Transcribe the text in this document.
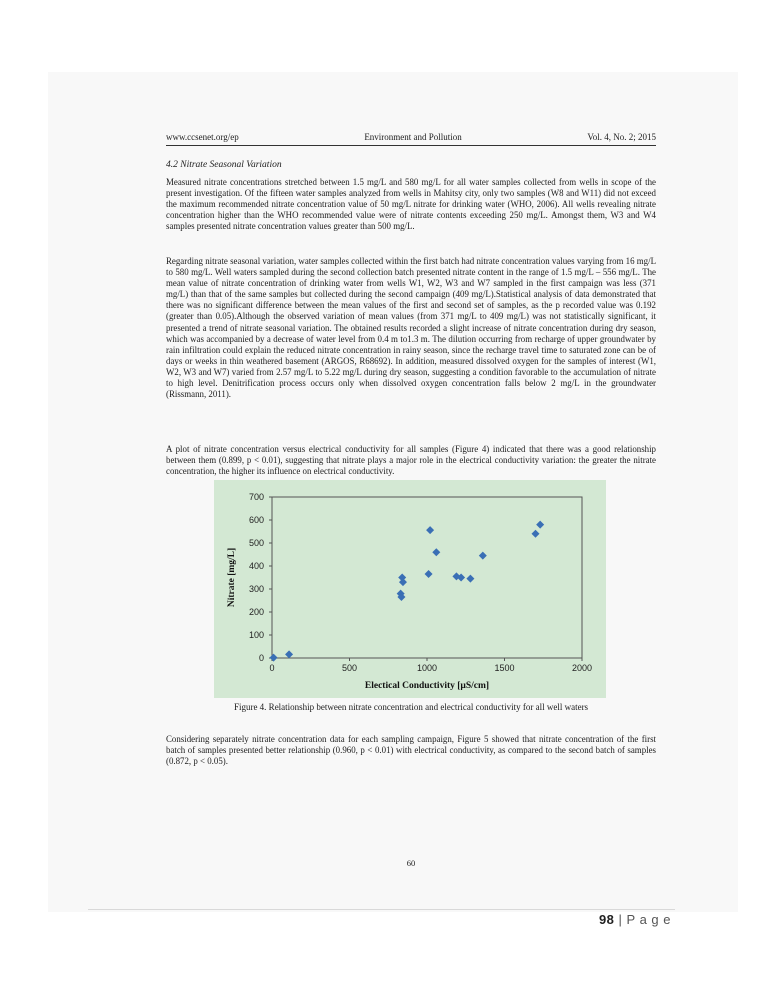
www.ccsenet.org/ep	Environment and Pollution	Vol. 4, No. 2; 2015
4.2 Nitrate Seasonal Variation

Measured nitrate concentrations stretched between 1.5 mg/L and 580 mg/L for all water samples collected from wells in scope of the present investigation. Of the fifteen water samples analyzed from wells in Mahitsy city, only two samples (W8 and W11) did not exceed the maximum recommended nitrate concentration value of 50 mg/L nitrate for drinking water (WHO, 2006). All wells revealing nitrate concentration higher than the WHO recommended value were of nitrate contents exceeding 250 mg/L. Amongst them, W3 and W4 samples presented nitrate concentration values greater than 500 mg/L.

Regarding nitrate seasonal variation, water samples collected within the first batch had nitrate concentration values varying from 16 mg/L to 580 mg/L. Well waters sampled during the second collection batch presented nitrate content in the range of 1.5 mg/L – 556 mg/L. The mean value of nitrate concentration of drinking water from wells W1, W2, W3 and W7 sampled in the first campaign was less (371 mg/L) than that of the same samples but collected during the second campaign (409 mg/L).Statistical analysis of data demonstrated that there was no significant difference between the mean values of the first and second set of samples, as the p recorded value was 0.192 (greater than 0.05).Although the observed variation of mean values (from 371 mg/L to 409 mg/L) was not statistically significant, it presented a trend of nitrate seasonal variation. The obtained results recorded a slight increase of nitrate concentration during dry season, which was accompanied by a decrease of water level from 0.4 m to1.3 m. The dilution occurring from recharge of upper groundwater by rain infiltration could explain the reduced nitrate concentration in rainy season, since the recharge travel time to saturated zone can be of days or weeks in thin weathered basement (ARGOS, R68692). In addition, measured dissolved oxygen for the samples of interest (W1, W2, W3 and W7) varied from 2.57 mg/L to 5.22 mg/L during dry season, suggesting a condition favorable to the accumulation of nitrate to high level. Denitrification process occurs only when dissolved oxygen concentration falls below 2 mg/L in the groundwater (Rissmann, 2011).

A plot of nitrate concentration versus electrical conductivity for all samples (Figure 4) indicated that there was a good relationship between them (0.899, p < 0.01), suggesting that nitrate plays a major role in the electrical conductivity variation: the greater the nitrate concentration, the higher its influence on electrical conductivity.

0
100
200
300
400
500
600
700
0	500	1000	1500	2000
Electical Conductivity [µS/cm]
Nitrate [mg/L]
Figure 4. Relationship between nitrate concentration and electrical conductivity for all well waters

Considering separately nitrate concentration data for each sampling campaign, Figure 5 showed that nitrate concentration of the first batch of samples presented better relationship (0.960, p < 0.01) with electrical conductivity, as compared to the second batch of samples (0.872, p < 0.05).

60
98 | P a g e
